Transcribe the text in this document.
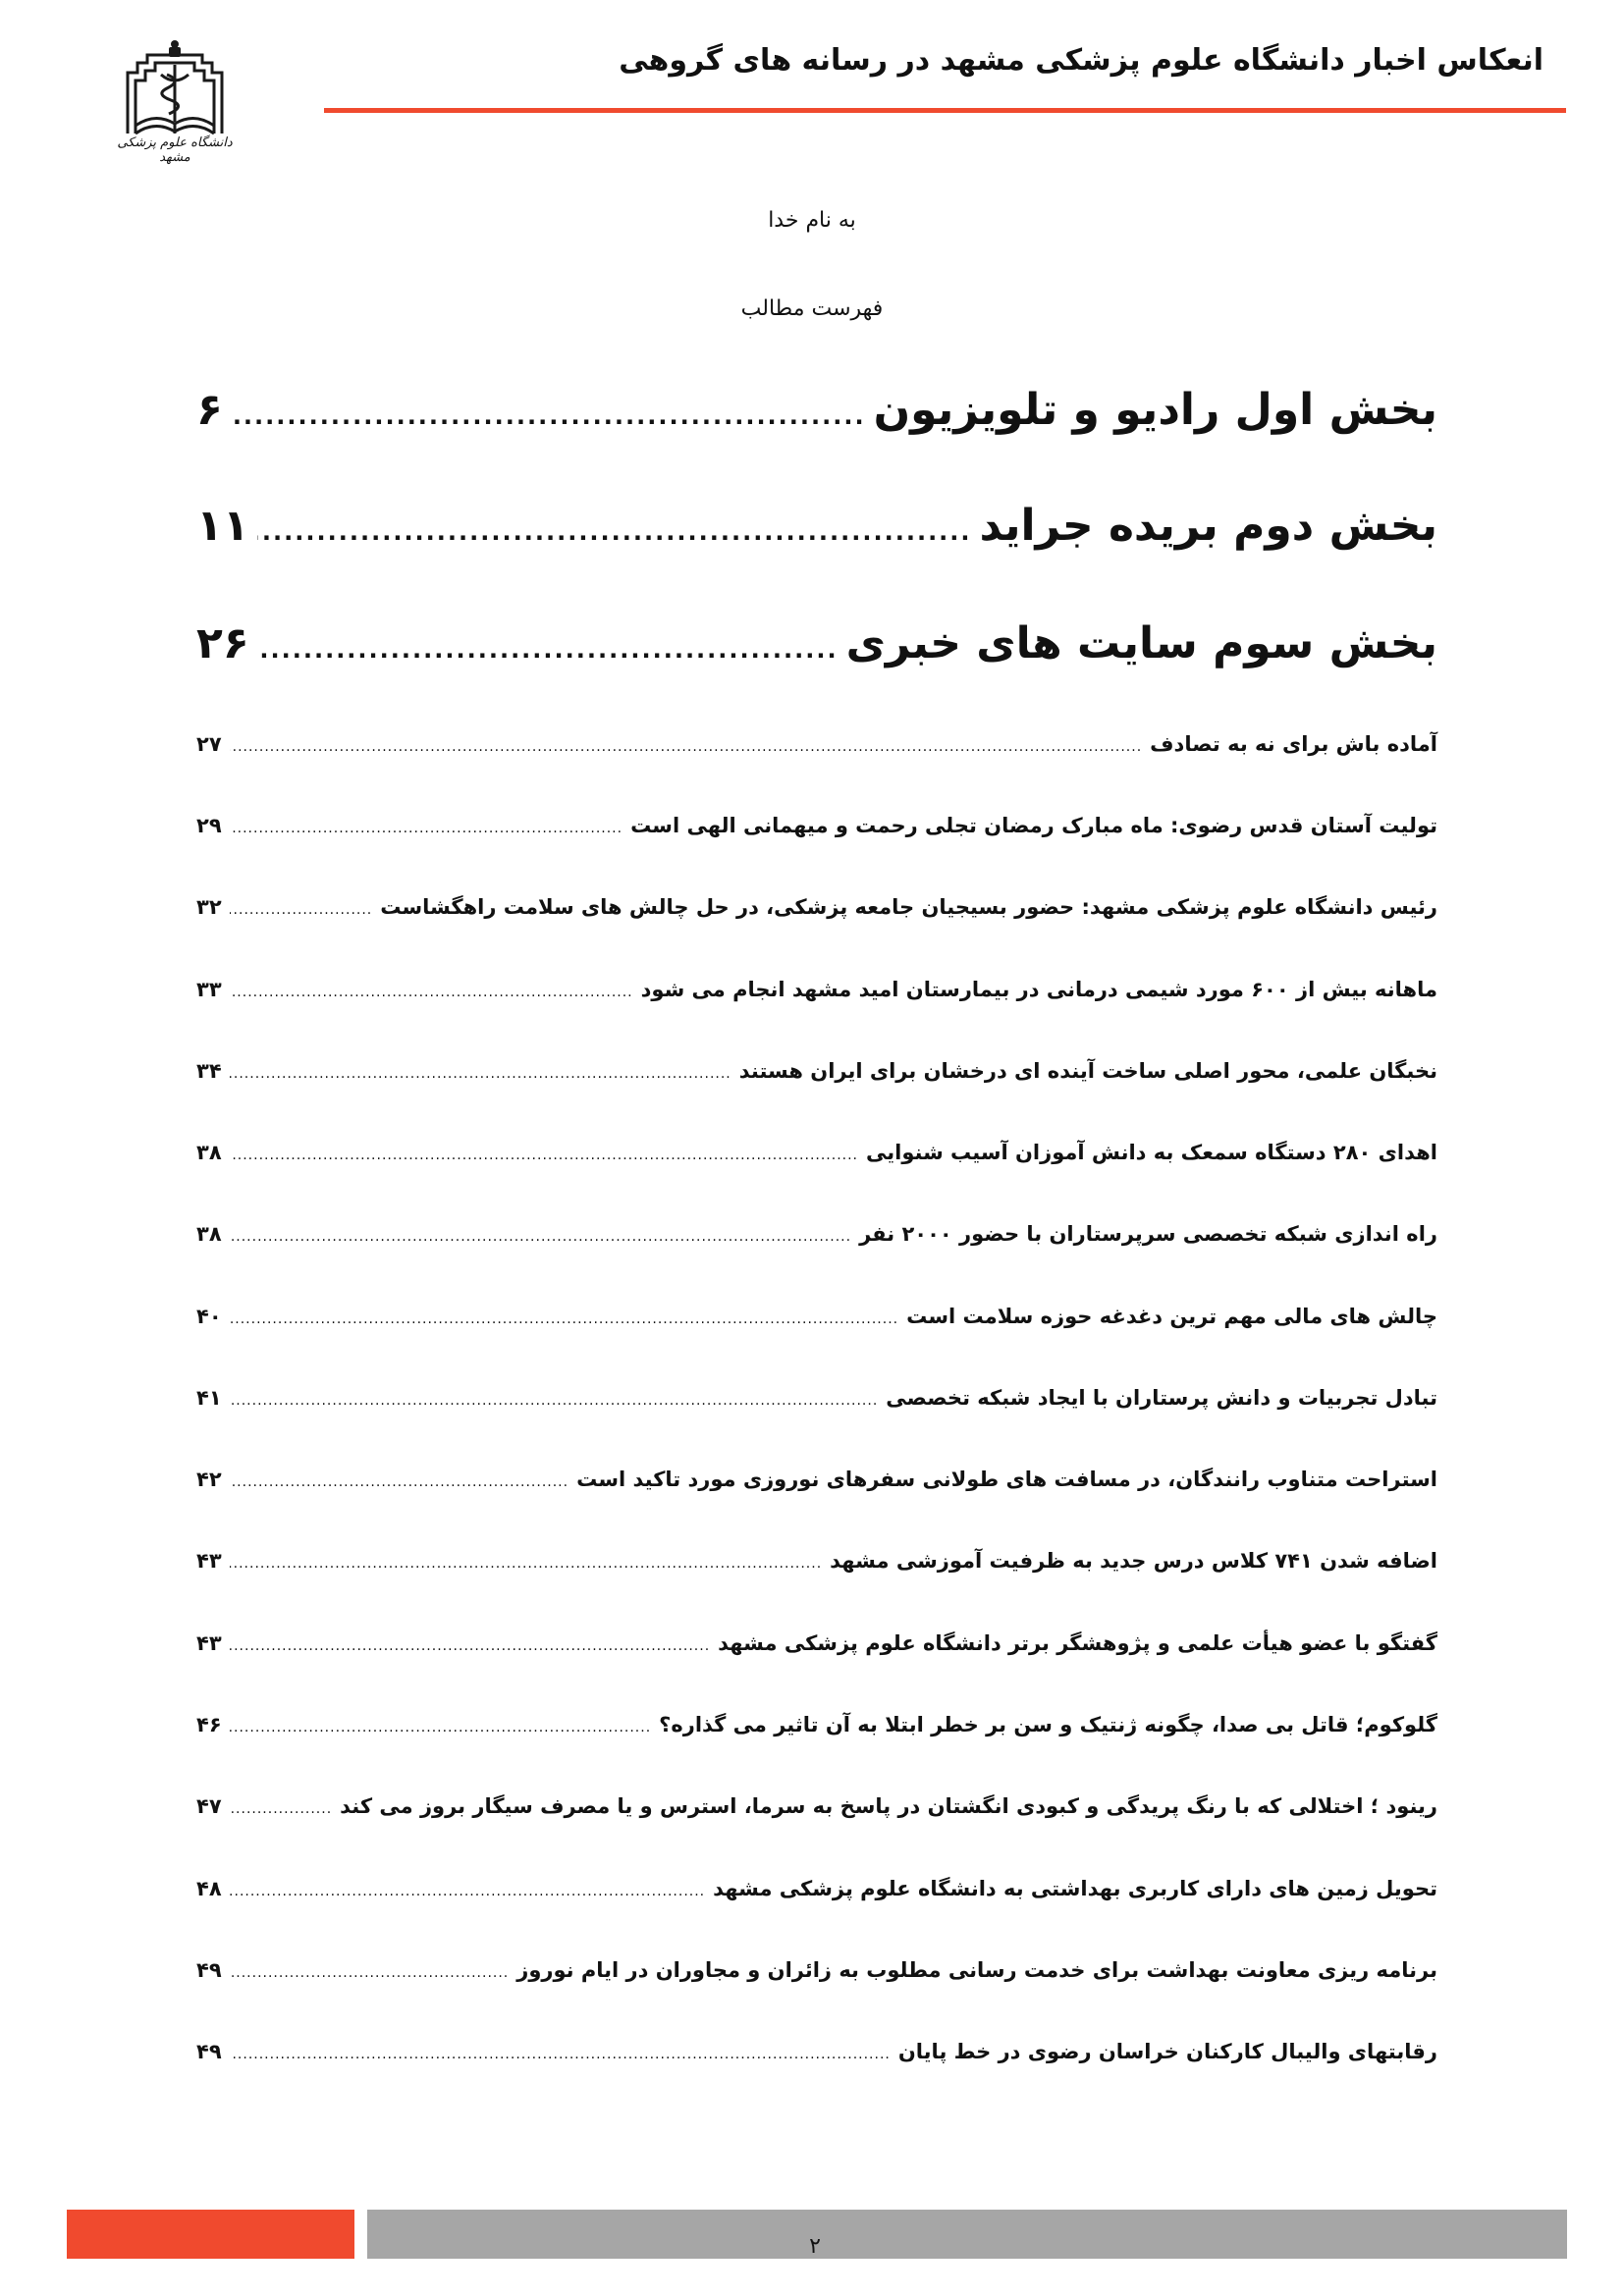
انعکاس اخبار دانشگاه علوم پزشکی مشهد در رسانه های گروهی
دانشگاه علوم پزشکی مشهد
به نام خدا
فهرست مطالب
بخش اول رادیو و تلویزیون
.....
۶
بخش دوم بریده جراید
.....
۱۱
بخش سوم سایت های خبری
.....
۲۶
آماده باش برای نه به تصادف
.....
۲۷
تولیت آستان قدس رضوی: ماه مبارک رمضان تجلی رحمت و میهمانی الهی است
.....
۲۹
رئیس دانشگاه علوم پزشکی مشهد: حضور بسیجیان جامعه پزشکی، در حل چالش های سلامت راهگشاست
.....
۳۲
ماهانه بیش از ۶۰۰ مورد شیمی درمانی در بیمارستان امید مشهد انجام می شود
.....
۳۳
نخبگان علمی، محور اصلی ساخت آینده ای درخشان برای ایران هستند
.....
۳۴
اهدای ۲۸۰ دستگاه سمعک به دانش آموزان آسیب شنوایی
.....
۳۸
راه اندازی شبکه تخصصی سرپرستاران با حضور ۲۰۰۰ نفر
.....
۳۸
چالش های مالی مهم ترین دغدغه حوزه سلامت است
.....
۴۰
تبادل تجربیات و دانش پرستاران با ایجاد شبکه تخصصی
.....
۴۱
استراحت متناوب رانندگان، در مسافت های طولانی سفرهای نوروزی مورد تاکید است
.....
۴۲
اضافه شدن ۷۴۱ کلاس درس جدید به ظرفیت آموزشی مشهد
.....
۴۳
گفتگو با عضو هیأت علمی و پژوهشگر برتر دانشگاه علوم پزشکی مشهد
.....
۴۳
گلوکوم؛ قاتل بی صدا، چگونه ژنتیک و سن بر خطر ابتلا به آن تاثیر می گذاره؟
.....
۴۶
رینود ؛ اختلالی که با رنگ پریدگی و کبودی انگشتان در پاسخ به سرما، استرس و یا مصرف سیگار بروز می کند
.....
۴۷
تحویل زمین های دارای کاربری بهداشتی به دانشگاه علوم پزشکی مشهد
.....
۴۸
برنامه ریزی معاونت بهداشت برای خدمت رسانی مطلوب به زائران و مجاوران در ایام نوروز
.....
۴۹
رقابتهای والیبال کارکنان خراسان رضوی در خط پایان
.....
۴۹
۲
